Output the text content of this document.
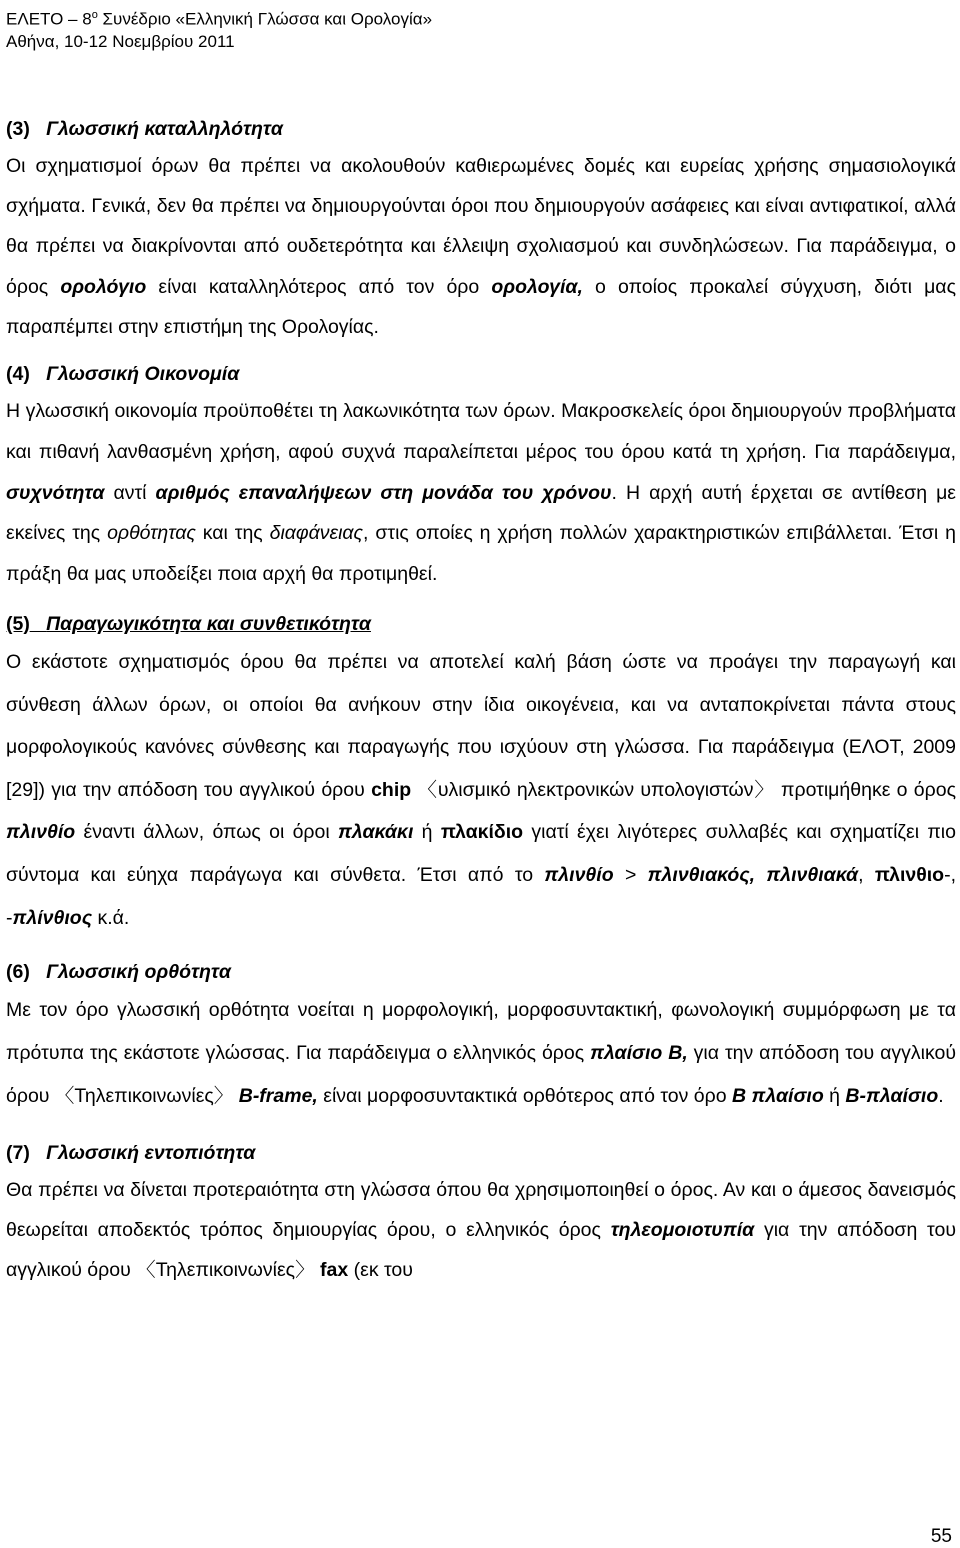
ΕΛΕΤΟ – $8^o$ Συνέδριο «Ελληνική Γλώσσα και Ορολογία»
Αθήνα, 10-12 Νοεμβρίου 2011
(3) Γλωσσική καταλληλότητα

Οι σχηματισμοί όρων θα πρέπει να ακολουθούν καθιερωμένες δομές και ευρείας χρήσης σημασιολογικά σχήματα. Γενικά, δεν θα πρέπει να δημιουργούνται όροι που δημιουργούν ασάφειες και είναι αντιφατικοί, αλλά θα πρέπει να διακρίνονται από ουδετερότητα και έλλειψη σχολιασμού και συνδηλώσεων. Για παράδειγμα, ο όρος ορολόγιο είναι καταλληλότερος από τον όρο ορολογία, ο οποίος προκαλεί σύγχυση, διότι μας παραπέμπει στην επιστήμη της Ορολογίας.

(4) Γλωσσική Οικονομία

Η γλωσσική οικονομία προϋποθέτει τη λακωνικότητα των όρων. Μακροσκελείς όροι δημιουργούν προβλήματα και πιθανή λανθασμένη χρήση, αφού συχνά παραλείπεται μέρος του όρου κατά τη χρήση. Για παράδειγμα, συχνότητα αντί αριθμός επαναλήψεων στη μονάδα του χρόνου. Η αρχή αυτή έρχεται σε αντίθεση με εκείνες της ορθότητας και της διαφάνειας, στις οποίες η χρήση πολλών χαρακτηριστικών επιβάλλεται. Έτσι η πράξη θα μας υποδείξει ποια αρχή θα προτιμηθεί.

(5) Παραγωγικότητα και συνθετικότητα

Ο εκάστοτε σχηματισμός όρου θα πρέπει να αποτελεί καλή βάση ώστε να προάγει την παραγωγή και σύνθεση άλλων όρων, οι οποίοι θα ανήκουν στην ίδια οικογένεια, και να ανταποκρίνεται πάντα στους μορφολογικούς κανόνες σύνθεσης και παραγωγής που ισχύουν στη γλώσσα. Για παράδειγμα (ΕΛΟΤ, 2009 [29]) για την απόδοση του αγγλικού όρου chip 〈υλισμικό ηλεκτρονικών υπολογιστών〉 προτιμήθηκε ο όρος πλινθίο έναντι άλλων, όπως οι όροι πλακάκι ή πλακίδιο γιατί έχει λιγότερες συλλαβές και σχηματίζει πιο σύντομα και εύηχα παράγωγα και σύνθετα. Έτσι από το πλινθίο > πλινθιακός, πλινθιακά, πλινθιο-, -πλίνθιος κ.ά.

(6) Γλωσσική ορθότητα

Με τον όρο γλωσσική ορθότητα νοείται η μορφολογική, μορφοσυντακτική, φωνολογική συμμόρφωση με τα πρότυπα της εκάστοτε γλώσσας. Για παράδειγμα ο ελληνικός όρος πλαίσιο Β, για την απόδοση του αγγλικού όρου 〈Τηλεπικοινωνίες〉 B-frame, είναι μορφοσυντακτικά ορθότερος από τον όρο Β πλαίσιο ή Β-πλαίσιο.

(7) Γλωσσική εντοπιότητα

Θα πρέπει να δίνεται προτεραιότητα στη γλώσσα όπου θα χρησιμοποιηθεί ο όρος. Αν και ο άμεσος δανεισμός θεωρείται αποδεκτός τρόπος δημιουργίας όρου, ο ελληνικός όρος τηλεομοιοτυπία για την απόδοση του αγγλικού όρου 〈Τηλεπικοινωνίες〉 fax (εκ του

55
